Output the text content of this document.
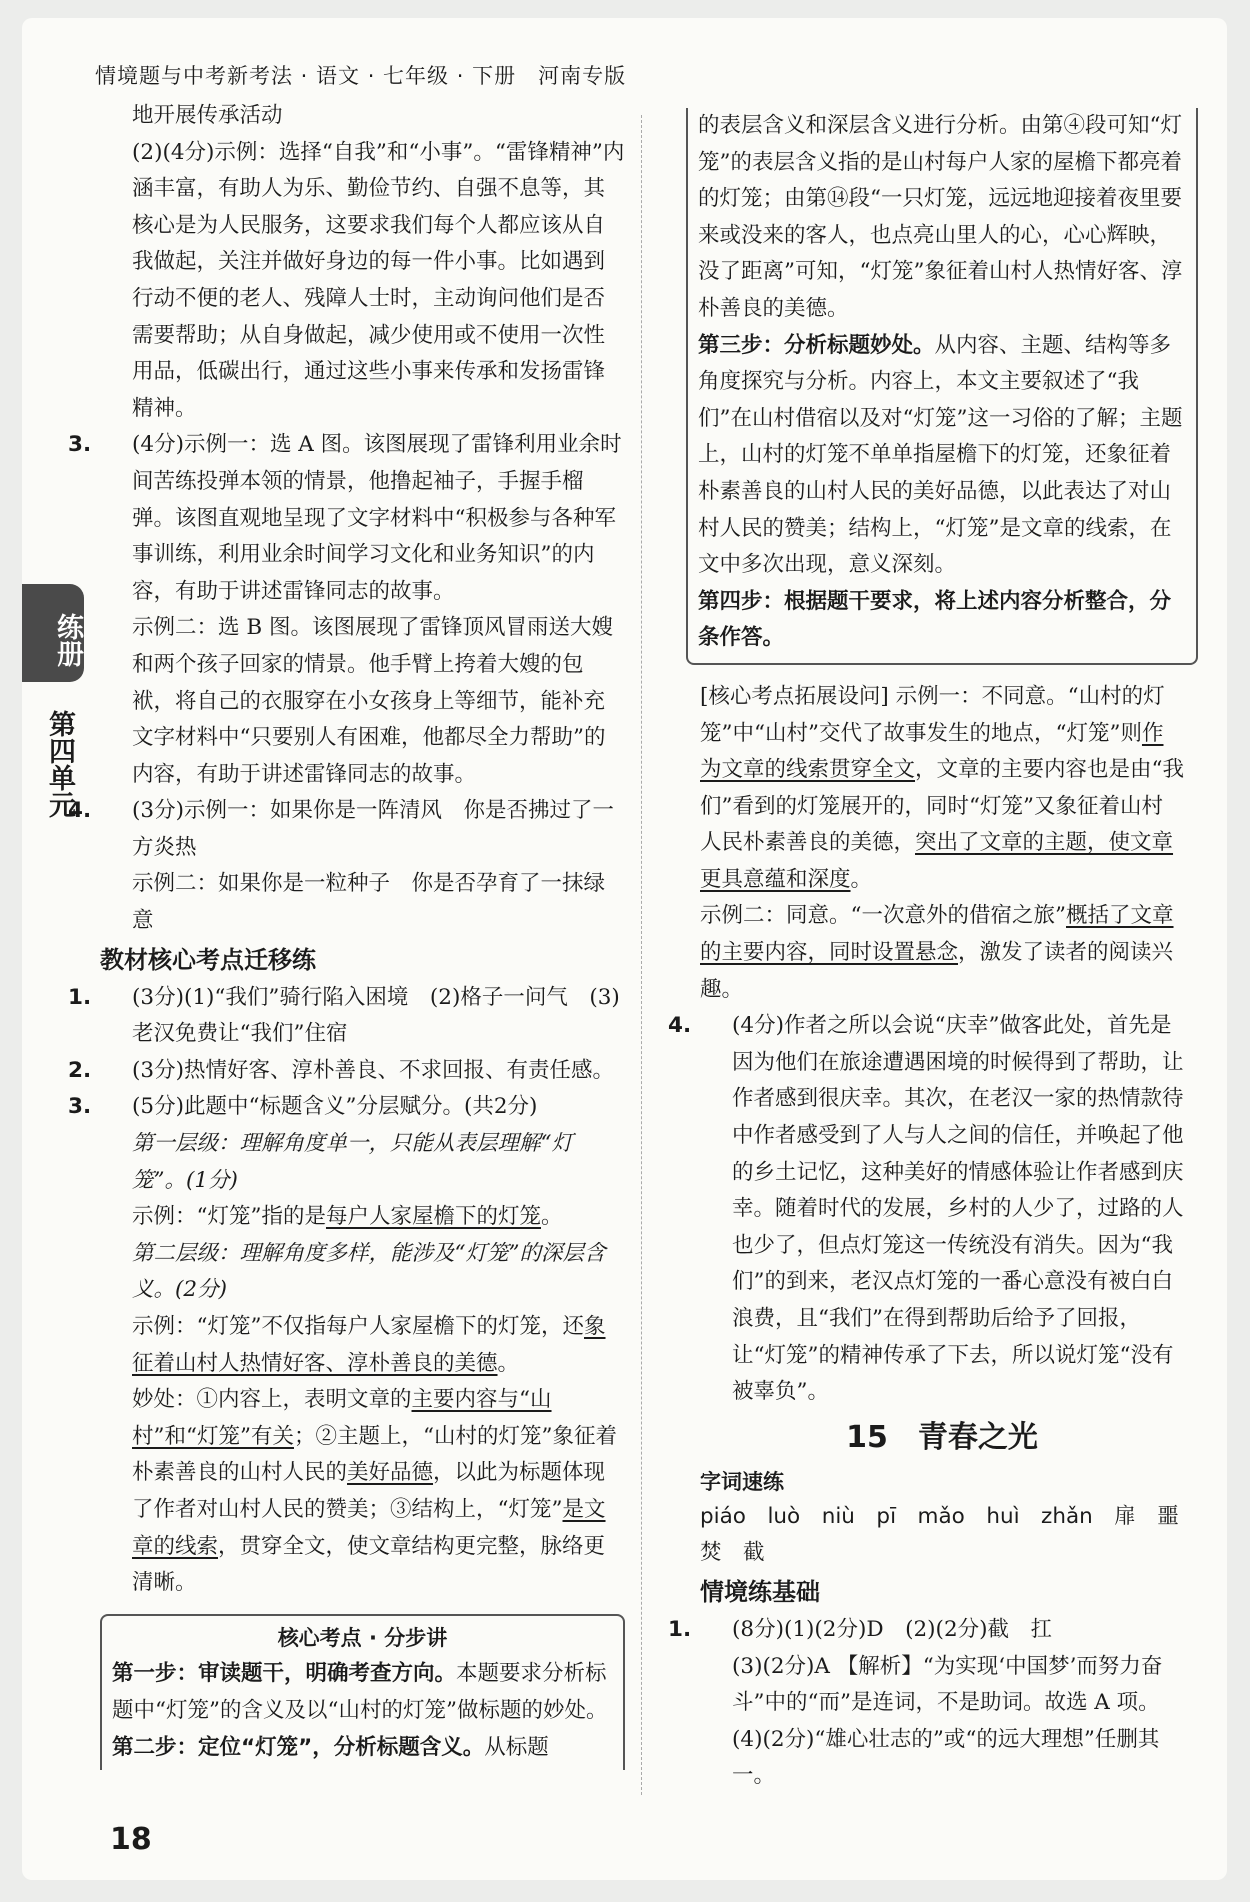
情境题与中考新考法 · 语文 · 七年级 · 下册　河南专版
练册
第四单元

地开展传承活动

(2)(4分)示例：选择“自我”和“小事”。“雷锋精神”内涵丰富，有助人为乐、勤俭节约、自强不息等，其核心是为人民服务，这要求我们每个人都应该从自我做起，关注并做好身边的每一件小事。比如遇到行动不便的老人、残障人士时，主动询问他们是否需要帮助；从自身做起，减少使用或不使用一次性用品，低碳出行，通过这些小事来传承和发扬雷锋精神。

3. (4分)示例一：选 A 图。该图展现了雷锋利用业余时间苦练投弹本领的情景，他撸起袖子，手握手榴弹。该图直观地呈现了文字材料中“积极参与各种军事训练，利用业余时间学习文化和业务知识”的内容，有助于讲述雷锋同志的故事。

示例二：选 B 图。该图展现了雷锋顶风冒雨送大嫂和两个孩子回家的情景。他手臂上挎着大嫂的包袱，将自己的衣服穿在小女孩身上等细节，能补充文字材料中“只要别人有困难，他都尽全力帮助”的内容，有助于讲述雷锋同志的故事。

4. (3分)示例一：如果你是一阵清风　你是否拂过了一方炎热

示例二：如果你是一粒种子　你是否孕育了一抹绿意

教材核心考点迁移练

1. (3分)(1)“我们”骑行陷入困境　(2)格子一问气　(3)老汉免费让“我们”住宿

2. (3分)热情好客、淳朴善良、不求回报、有责任感。

3. (5分)此题中“标题含义”分层赋分。(共2分)

第一层级：理解角度单一，只能从表层理解“灯笼”。(1分)

示例：“灯笼”指的是每户人家屋檐下的灯笼。

第二层级：理解角度多样，能涉及“灯笼”的深层含义。(2分)

示例：“灯笼”不仅指每户人家屋檐下的灯笼，还象征着山村人热情好客、淳朴善良的美德。

妙处：①内容上，表明文章的主要内容与“山村”和“灯笼”有关；②主题上，“山村的灯笼”象征着朴素善良的山村人民的美好品德，以此为标题体现了作者对山村人民的赞美；③结构上，“灯笼”是文章的线索，贯穿全文，使文章结构更完整，脉络更清晰。

核心考点 · 分步讲

第一步：审读题干，明确考查方向。本题要求分析标题中“灯笼”的含义及以“山村的灯笼”做标题的妙处。

第二步：定位“灯笼”，分析标题含义。从标题

的表层含义和深层含义进行分析。由第④段可知“灯笼”的表层含义指的是山村每户人家的屋檐下都亮着的灯笼；由第⑭段“一只灯笼，远远地迎接着夜里要来或没来的客人，也点亮山里人的心，心心辉映，没了距离”可知，“灯笼”象征着山村人热情好客、淳朴善良的美德。

第三步：分析标题妙处。从内容、主题、结构等多角度探究与分析。内容上，本文主要叙述了“我们”在山村借宿以及对“灯笼”这一习俗的了解；主题上，山村的灯笼不单单指屋檐下的灯笼，还象征着朴素善良的山村人民的美好品德，以此表达了对山村人民的赞美；结构上，“灯笼”是文章的线索，在文中多次出现，意义深刻。

第四步：根据题干要求，将上述内容分析整合，分条作答。

[核心考点拓展设问] 示例一：不同意。“山村的灯笼”中“山村”交代了故事发生的地点，“灯笼”则作为文章的线索贯穿全文，文章的主要内容也是由“我们”看到的灯笼展开的，同时“灯笼”又象征着山村人民朴素善良的美德，突出了文章的主题，使文章更具意蕴和深度。

示例二：同意。“一次意外的借宿之旅”概括了文章的主要内容，同时设置悬念，激发了读者的阅读兴趣。

4. (4分)作者之所以会说“庆幸”做客此处，首先是因为他们在旅途遭遇困境的时候得到了帮助，让作者感到很庆幸。其次，在老汉一家的热情款待中作者感受到了人与人之间的信任，并唤起了他的乡土记忆，这种美好的情感体验让作者感到庆幸。随着时代的发展，乡村的人少了，过路的人也少了，但点灯笼这一传统没有消失。因为“我们”的到来，老汉点灯笼的一番心意没有被白白浪费，且“我们”在得到帮助后给予了回报，让“灯笼”的精神传承了下去，所以说灯笼“没有被辜负”。

15　青春之光

字词速练

piáo　luò　niù　pī　mǎo　huì　zhǎn　扉　噩

焚　截

情境练基础

1. (8分)(1)(2分)D　(2)(2分)截　扛

(3)(2分)A 【解析】“为实现‘中国梦’而努力奋斗”中的“而”是连词，不是助词。故选 A 项。

(4)(2分)“雄心壮志的”或“的远大理想”任删其一。

18
